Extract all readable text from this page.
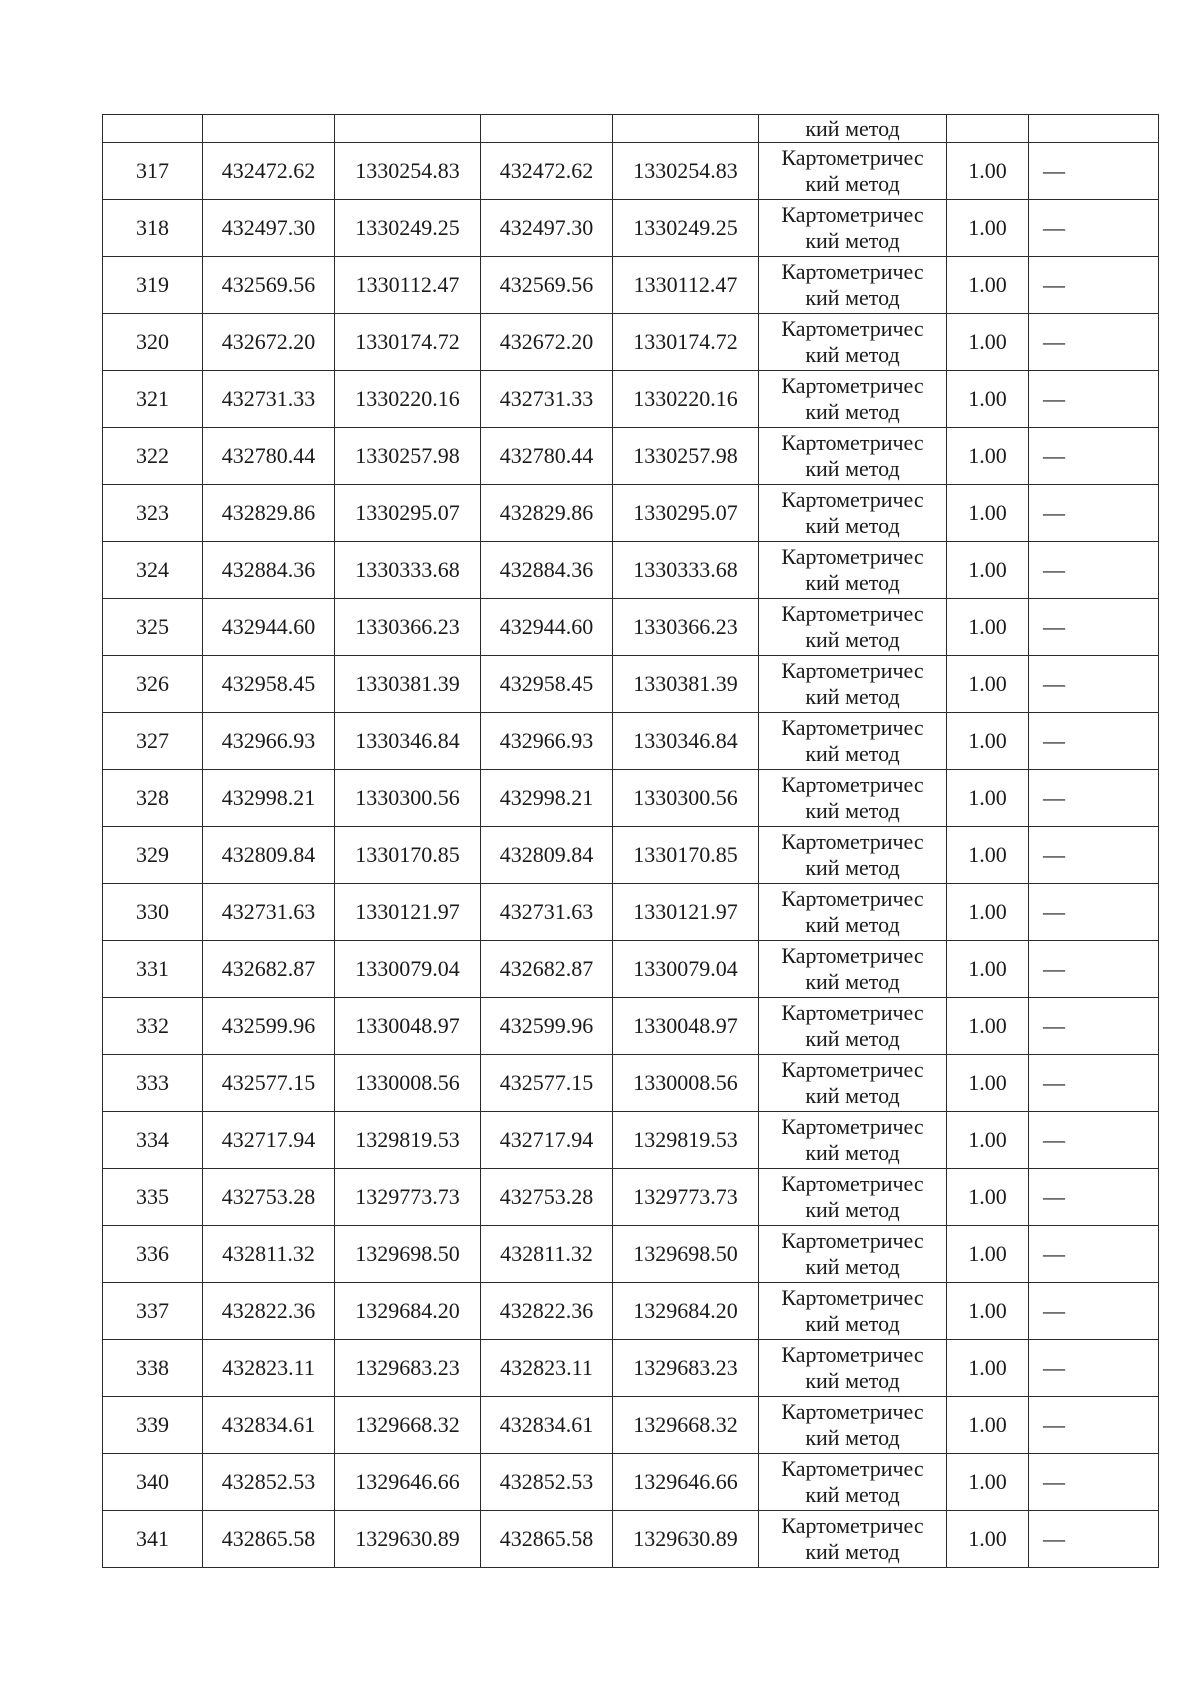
					кий метод		
317	432472.62	1330254.83	432472.62	1330254.83	Картометричес
кий метод	1.00	—
318	432497.30	1330249.25	432497.30	1330249.25	Картометричес
кий метод	1.00	—
319	432569.56	1330112.47	432569.56	1330112.47	Картометричес
кий метод	1.00	—
320	432672.20	1330174.72	432672.20	1330174.72	Картометричес
кий метод	1.00	—
321	432731.33	1330220.16	432731.33	1330220.16	Картометричес
кий метод	1.00	—
322	432780.44	1330257.98	432780.44	1330257.98	Картометричес
кий метод	1.00	—
323	432829.86	1330295.07	432829.86	1330295.07	Картометричес
кий метод	1.00	—
324	432884.36	1330333.68	432884.36	1330333.68	Картометричес
кий метод	1.00	—
325	432944.60	1330366.23	432944.60	1330366.23	Картометричес
кий метод	1.00	—
326	432958.45	1330381.39	432958.45	1330381.39	Картометричес
кий метод	1.00	—
327	432966.93	1330346.84	432966.93	1330346.84	Картометричес
кий метод	1.00	—
328	432998.21	1330300.56	432998.21	1330300.56	Картометричес
кий метод	1.00	—
329	432809.84	1330170.85	432809.84	1330170.85	Картометричес
кий метод	1.00	—
330	432731.63	1330121.97	432731.63	1330121.97	Картометричес
кий метод	1.00	—
331	432682.87	1330079.04	432682.87	1330079.04	Картометричес
кий метод	1.00	—
332	432599.96	1330048.97	432599.96	1330048.97	Картометричес
кий метод	1.00	—
333	432577.15	1330008.56	432577.15	1330008.56	Картометричес
кий метод	1.00	—
334	432717.94	1329819.53	432717.94	1329819.53	Картометричес
кий метод	1.00	—
335	432753.28	1329773.73	432753.28	1329773.73	Картометричес
кий метод	1.00	—
336	432811.32	1329698.50	432811.32	1329698.50	Картометричес
кий метод	1.00	—
337	432822.36	1329684.20	432822.36	1329684.20	Картометричес
кий метод	1.00	—
338	432823.11	1329683.23	432823.11	1329683.23	Картометричес
кий метод	1.00	—
339	432834.61	1329668.32	432834.61	1329668.32	Картометричес
кий метод	1.00	—
340	432852.53	1329646.66	432852.53	1329646.66	Картометричес
кий метод	1.00	—
341	432865.58	1329630.89	432865.58	1329630.89	Картометричес
кий метод	1.00	—
